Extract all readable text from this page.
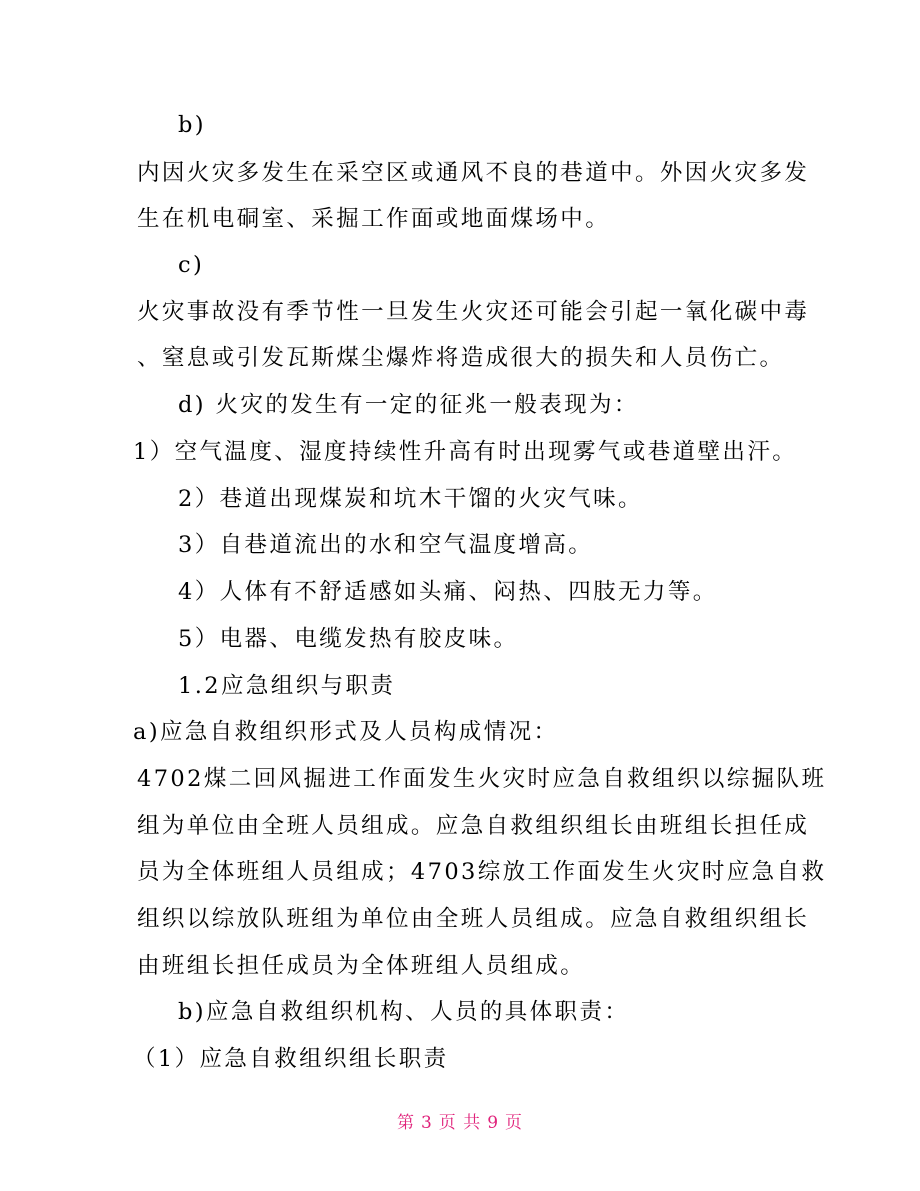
b)
内因火灾多发生在采空区或通风不良的巷道中。外因火灾多发
生在机电硐室、采掘工作面或地面煤场中。
c)
火灾事故没有季节性一旦发生火灾还可能会引起一氧化碳中毒
、窒息或引发瓦斯煤尘爆炸将造成很大的损失和人员伤亡。
d) 火灾的发生有一定的征兆一般表现为：
1）空气温度、湿度持续性升高有时出现雾气或巷道壁出汗。
2）巷道出现煤炭和坑木干馏的火灾气味。
3）自巷道流出的水和空气温度增高。
4）人体有不舒适感如头痛、闷热、四肢无力等。
5）电器、电缆发热有胶皮味。
1.2应急组织与职责
a)应急自救组织形式及人员构成情况：
4702煤二回风掘进工作面发生火灾时应急自救组织以综掘队班
组为单位由全班人员组成。应急自救组织组长由班组长担任成
员为全体班组人员组成；4703综放工作面发生火灾时应急自救
组织以综放队班组为单位由全班人员组成。应急自救组织组长
由班组长担任成员为全体班组人员组成。
b)应急自救组织机构、人员的具体职责：
（1）应急自救组织组长职责
第 3 页 共 9 页
